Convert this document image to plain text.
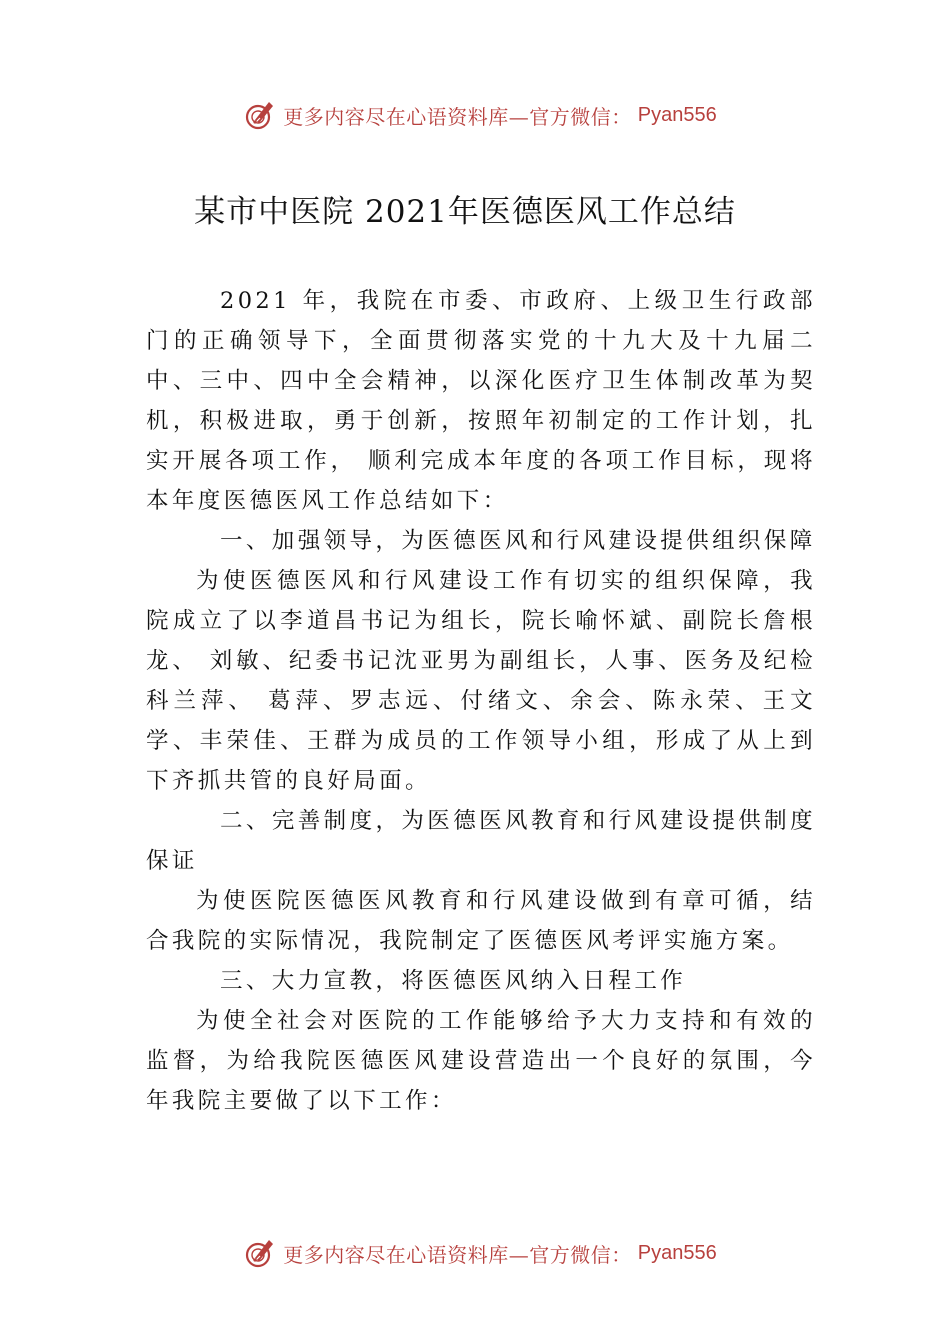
更多内容尽在心语资料库—官方微信： Pyan556
某市中医院 2021年医德医风工作总结

2021 年，我院在市委、市政府、上级卫生行政部门的正确领导下，全面贯彻落实党的十九大及十九届二中、三中、四中全会精神，以深化医疗卫生体制改革为契机，积极进取，勇于创新，按照年初制定的工作计划，扎实开展各项工作， 顺利完成本年度的各项工作目标，现将本年度医德医风工作总结如下：

一、加强领导，为医德医风和行风建设提供组织保障

为使医德医风和行风建设工作有切实的组织保障，我院成立了以李道昌书记为组长，院长喻怀斌、副院长詹根龙、 刘敏、纪委书记沈亚男为副组长，人事、医务及纪检科兰萍、 葛萍、罗志远、付绪文、余会、陈永荣、王文学、丰荣佳、王群为成员的工作领导小组，形成了从上到下齐抓共管的良好局面。

二、完善制度，为医德医风教育和行风建设提供制度保证

为使医院医德医风教育和行风建设做到有章可循，结合我院的实际情况，我院制定了医德医风考评实施方案。

三、大力宣教，将医德医风纳入日程工作

为使全社会对医院的工作能够给予大力支持和有效的监督，为给我院医德医风建设营造出一个良好的氛围，今年我院主要做了以下工作：

更多内容尽在心语资料库—官方微信： Pyan556
